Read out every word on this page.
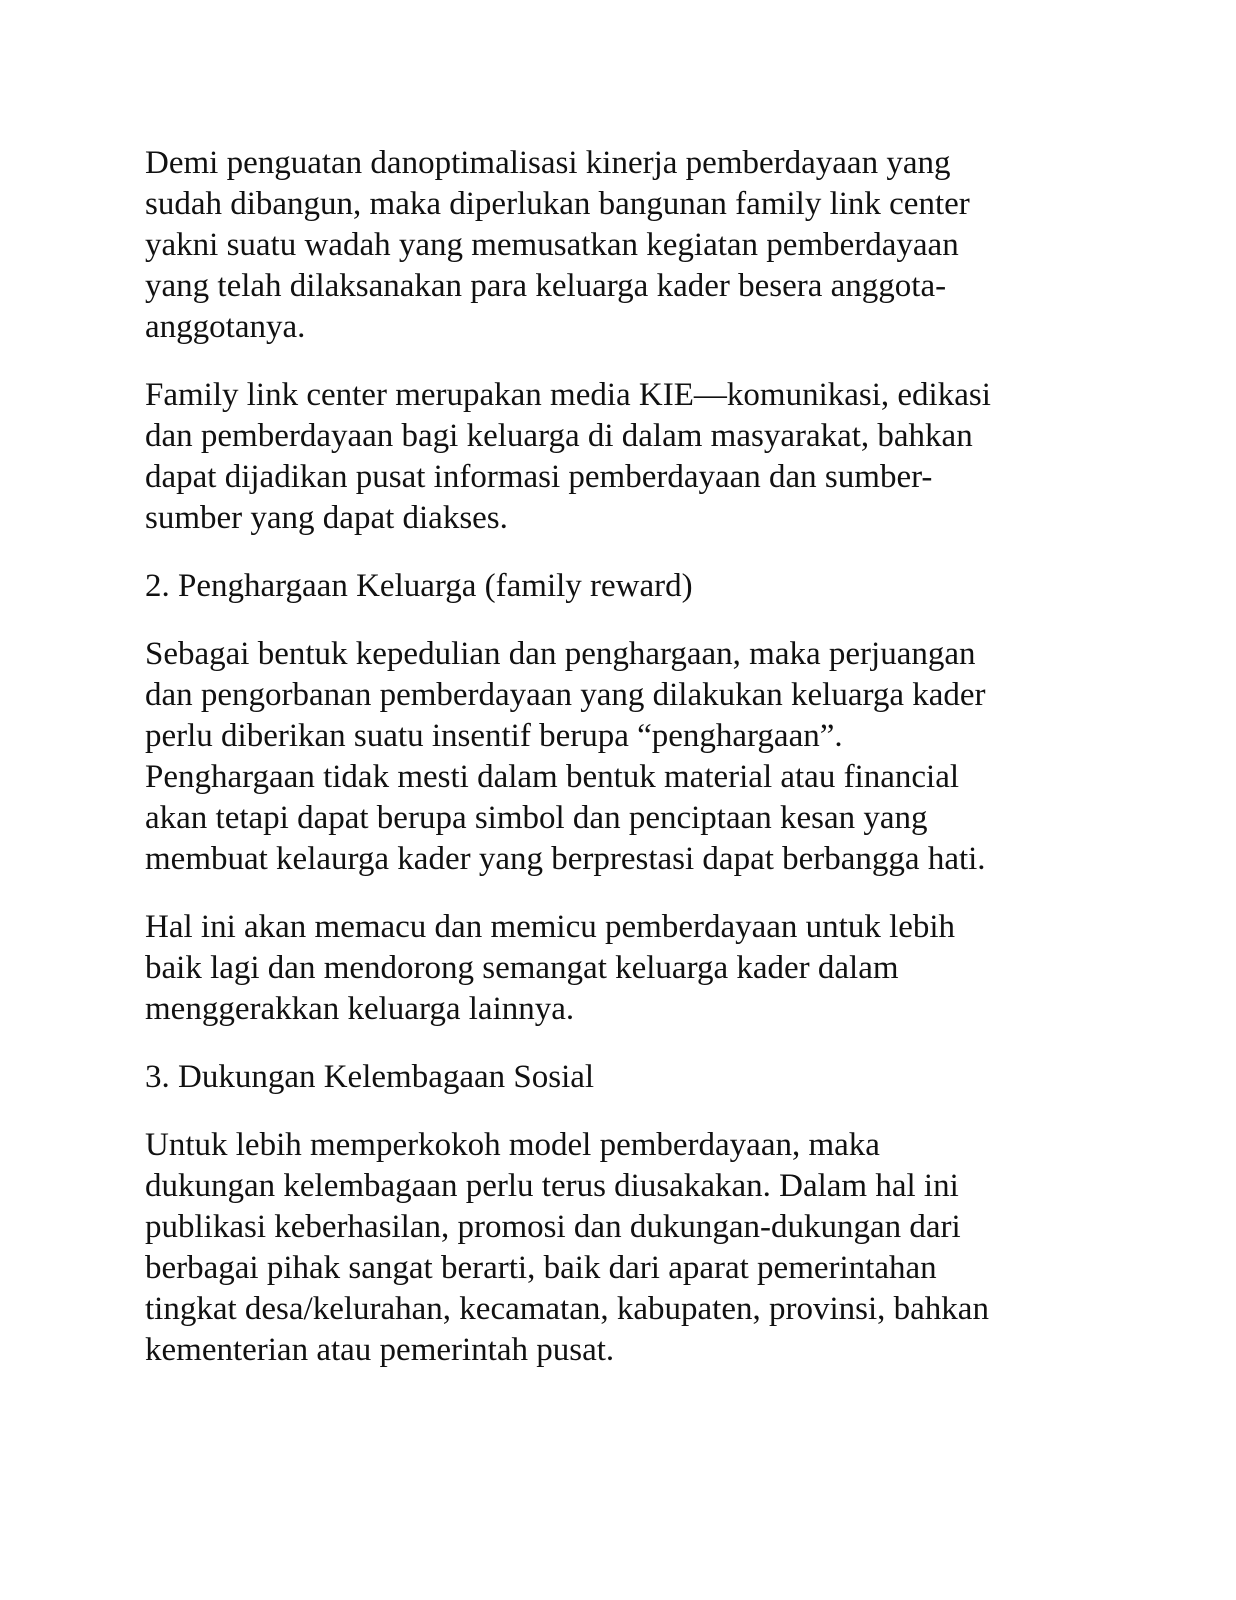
Demi penguatan danoptimalisasi kinerja pemberdayaan yang
sudah dibangun, maka diperlukan bangunan family link center
yakni suatu wadah yang memusatkan kegiatan pemberdayaan
yang telah dilaksanakan para keluarga kader besera anggota-
anggotanya.
Family link center merupakan media KIE—komunikasi, edikasi
dan pemberdayaan bagi keluarga di dalam masyarakat, bahkan
dapat dijadikan pusat informasi pemberdayaan dan sumber-
sumber yang dapat diakses.
2. Penghargaan Keluarga (family reward)
Sebagai bentuk kepedulian dan penghargaan, maka perjuangan
dan pengorbanan pemberdayaan yang dilakukan keluarga kader
perlu diberikan suatu insentif berupa “penghargaan”.
Penghargaan tidak mesti dalam bentuk material atau financial
akan tetapi dapat berupa simbol dan penciptaan kesan yang
membuat kelaurga kader yang berprestasi dapat berbangga hati.
Hal ini akan memacu dan memicu pemberdayaan untuk lebih
baik lagi dan mendorong semangat keluarga kader dalam
menggerakkan keluarga lainnya.
3. Dukungan Kelembagaan Sosial
Untuk lebih memperkokoh model pemberdayaan, maka
dukungan kelembagaan perlu terus diusakakan. Dalam hal ini
publikasi keberhasilan, promosi dan dukungan-dukungan dari
berbagai pihak sangat berarti, baik dari aparat pemerintahan
tingkat desa/kelurahan, kecamatan, kabupaten, provinsi, bahkan
kementerian atau pemerintah pusat.
